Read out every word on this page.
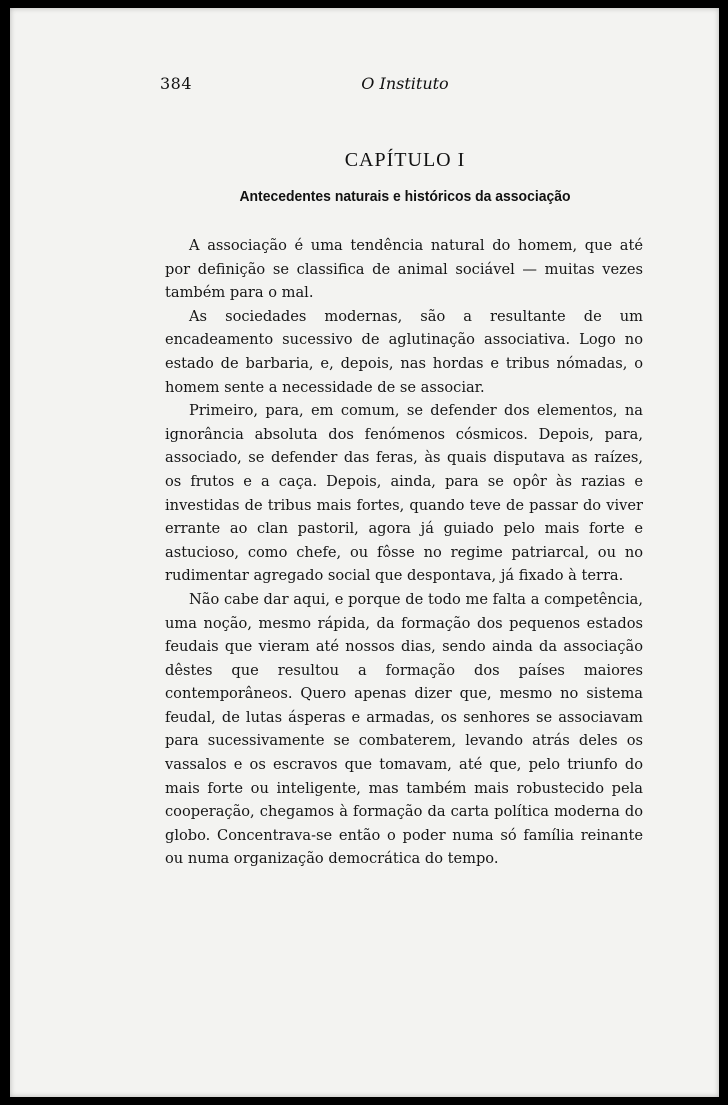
384	O Instituto
CAPÍTULO I
Antecedentes naturais e históricos da associação

A associação é uma tendência natural do homem, que até por definição se classifica de animal sociável — muitas vezes também para o mal.

As sociedades modernas, são a resultante de um encadeamento sucessivo de aglutinação associativa. Logo no estado de barbaria, e, depois, nas hordas e tribus nómadas, o homem sente a necessidade de se associar.

Primeiro, para, em comum, se defender dos elementos, na ignorância absoluta dos fenómenos cósmicos. Depois, para, associado, se defender das feras, às quais disputava as raízes, os frutos e a caça. Depois, ainda, para se opôr às razias e investidas de tribus mais fortes, quando teve de passar do viver errante ao clan pastoril, agora já guiado pelo mais forte e astucioso, como chefe, ou fôsse no regime patriarcal, ou no rudimentar agregado social que despontava, já fixado à terra.

Não cabe dar aqui, e porque de todo me falta a competência, uma noção, mesmo rápida, da formação dos pequenos estados feudais que vieram até nossos dias, sendo ainda da associação dêstes que resultou a formação dos países maiores contemporâneos. Quero apenas dizer que, mesmo no sistema feudal, de lutas ásperas e armadas, os senhores se associavam para sucessivamente se combaterem, levando atrás deles os vassalos e os escravos que tomavam, até que, pelo triunfo do mais forte ou inteligente, mas também mais robustecido pela cooperação, chegamos à formação da carta política moderna do globo. Concentrava-se então o poder numa só família reinante ou numa organização democrática do tempo.
